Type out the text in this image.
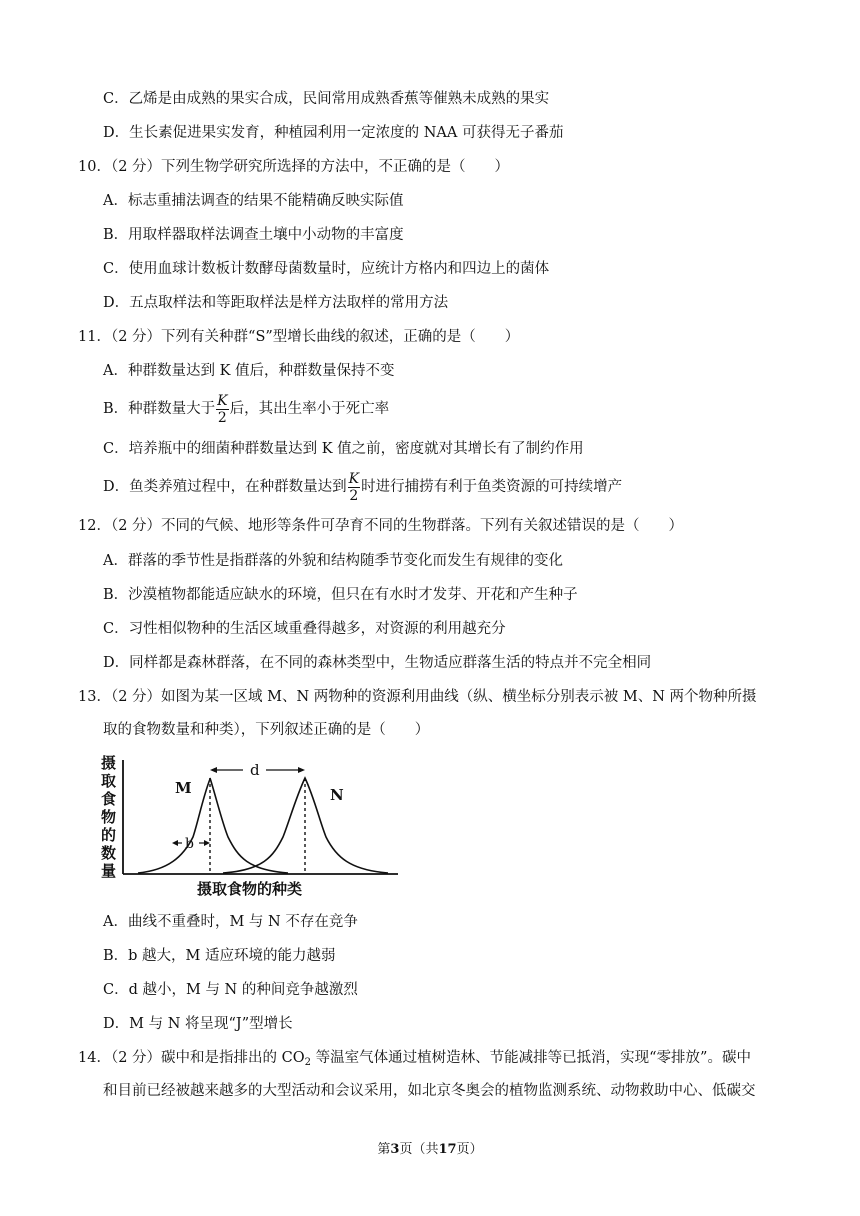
C．乙烯是由成熟的果实合成，民间常用成熟香蕉等催熟未成熟的果实
D．生长素促进果实发育，种植园利用一定浓度的 NAA 可获得无子番茄
10．（2 分）下列生物学研究所选择的方法中，不正确的是（　　）
A．标志重捕法调查的结果不能精确反映实际值
B．用取样器取样法调查土壤中小动物的丰富度
C．使用血球计数板计数酵母菌数量时，应统计方格内和四边上的菌体
D．五点取样法和等距取样法是样方法取样的常用方法
11．（2 分）下列有关种群“S”型增长曲线的叙述，正确的是（　　）
A．种群数量达到 K 值后，种群数量保持不变
B．种群数量大于 $\frac{K}{2}$ 后，其出生率小于死亡率
C．培养瓶中的细菌种群数量达到 K 值之前，密度就对其增长有了制约作用
D．鱼类养殖过程中，在种群数量达到 $\frac{K}{2}$ 时进行捕捞有利于鱼类资源的可持续增产
12．（2 分）不同的气候、地形等条件可孕育不同的生物群落。下列有关叙述错误的是（　　）
A．群落的季节性是指群落的外貌和结构随季节变化而发生有规律的变化
B．沙漠植物都能适应缺水的环境，但只在有水时才发芽、开花和产生种子
C．习性相似物种的生活区域重叠得越多，对资源的利用越充分
D．同样都是森林群落，在不同的森林类型中，生物适应群落生活的特点并不完全相同
13．（2 分）如图为某一区域 M、N 两物种的资源利用曲线（纵、横坐标分别表示被 M、N 两个物种所摄
取的食物数量和种类），下列叙述正确的是（　　）
摄
取
食
物
的
数
量
d
b
M	N
摄取食物的种类
A．曲线不重叠时，M 与 N 不存在竞争
B．b 越大，M 适应环境的能力越弱
C．d 越小，M 与 N 的种间竞争越激烈
D．M 与 N 将呈现“J”型增长
14．（2 分）碳中和是指排出的 $CO_2$ 等温室气体通过植树造林、节能减排等已抵消，实现“零排放”。碳中
和目前已经被越来越多的大型活动和会议采用，如北京冬奥会的植物监测系统、动物救助中心、低碳交
第3页（共17页）
